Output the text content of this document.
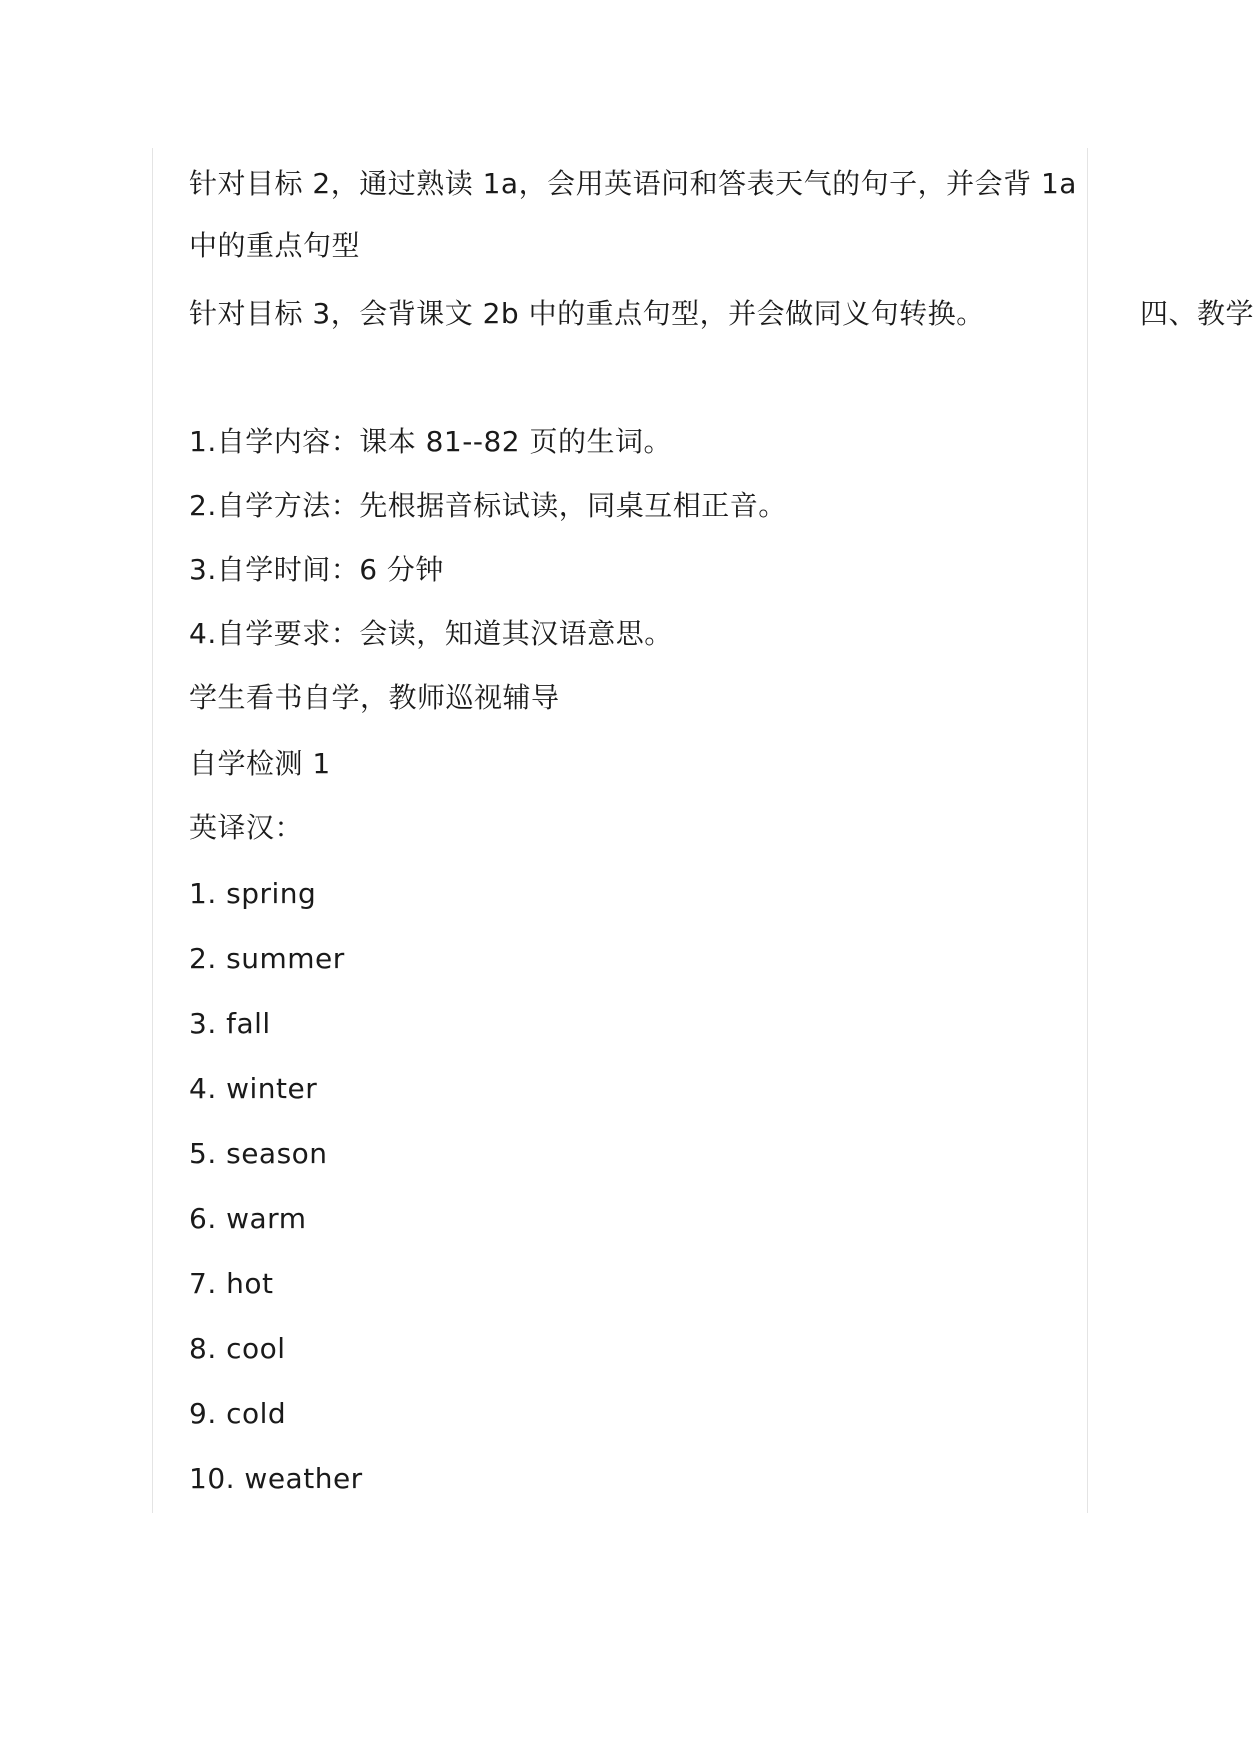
针对目标 2，通过熟读 1a，会用英语问和答表天气的句子，并会背 1a
中的重点句型
针对目标 3，会背课文 2b 中的重点句型，并会做同义句转换。	四、教学
1.自学内容：课本 81--82 页的生词。
2.自学方法：先根据音标试读，同桌互相正音。
3.自学时间：6 分钟
4.自学要求：会读，知道其汉语意思。
学生看书自学，教师巡视辅导
自学检测 1
英译汉：
1. spring
2. summer
3. fall
4. winter
5. season
6. warm
7. hot
8. cool
9. cold
10. weather
